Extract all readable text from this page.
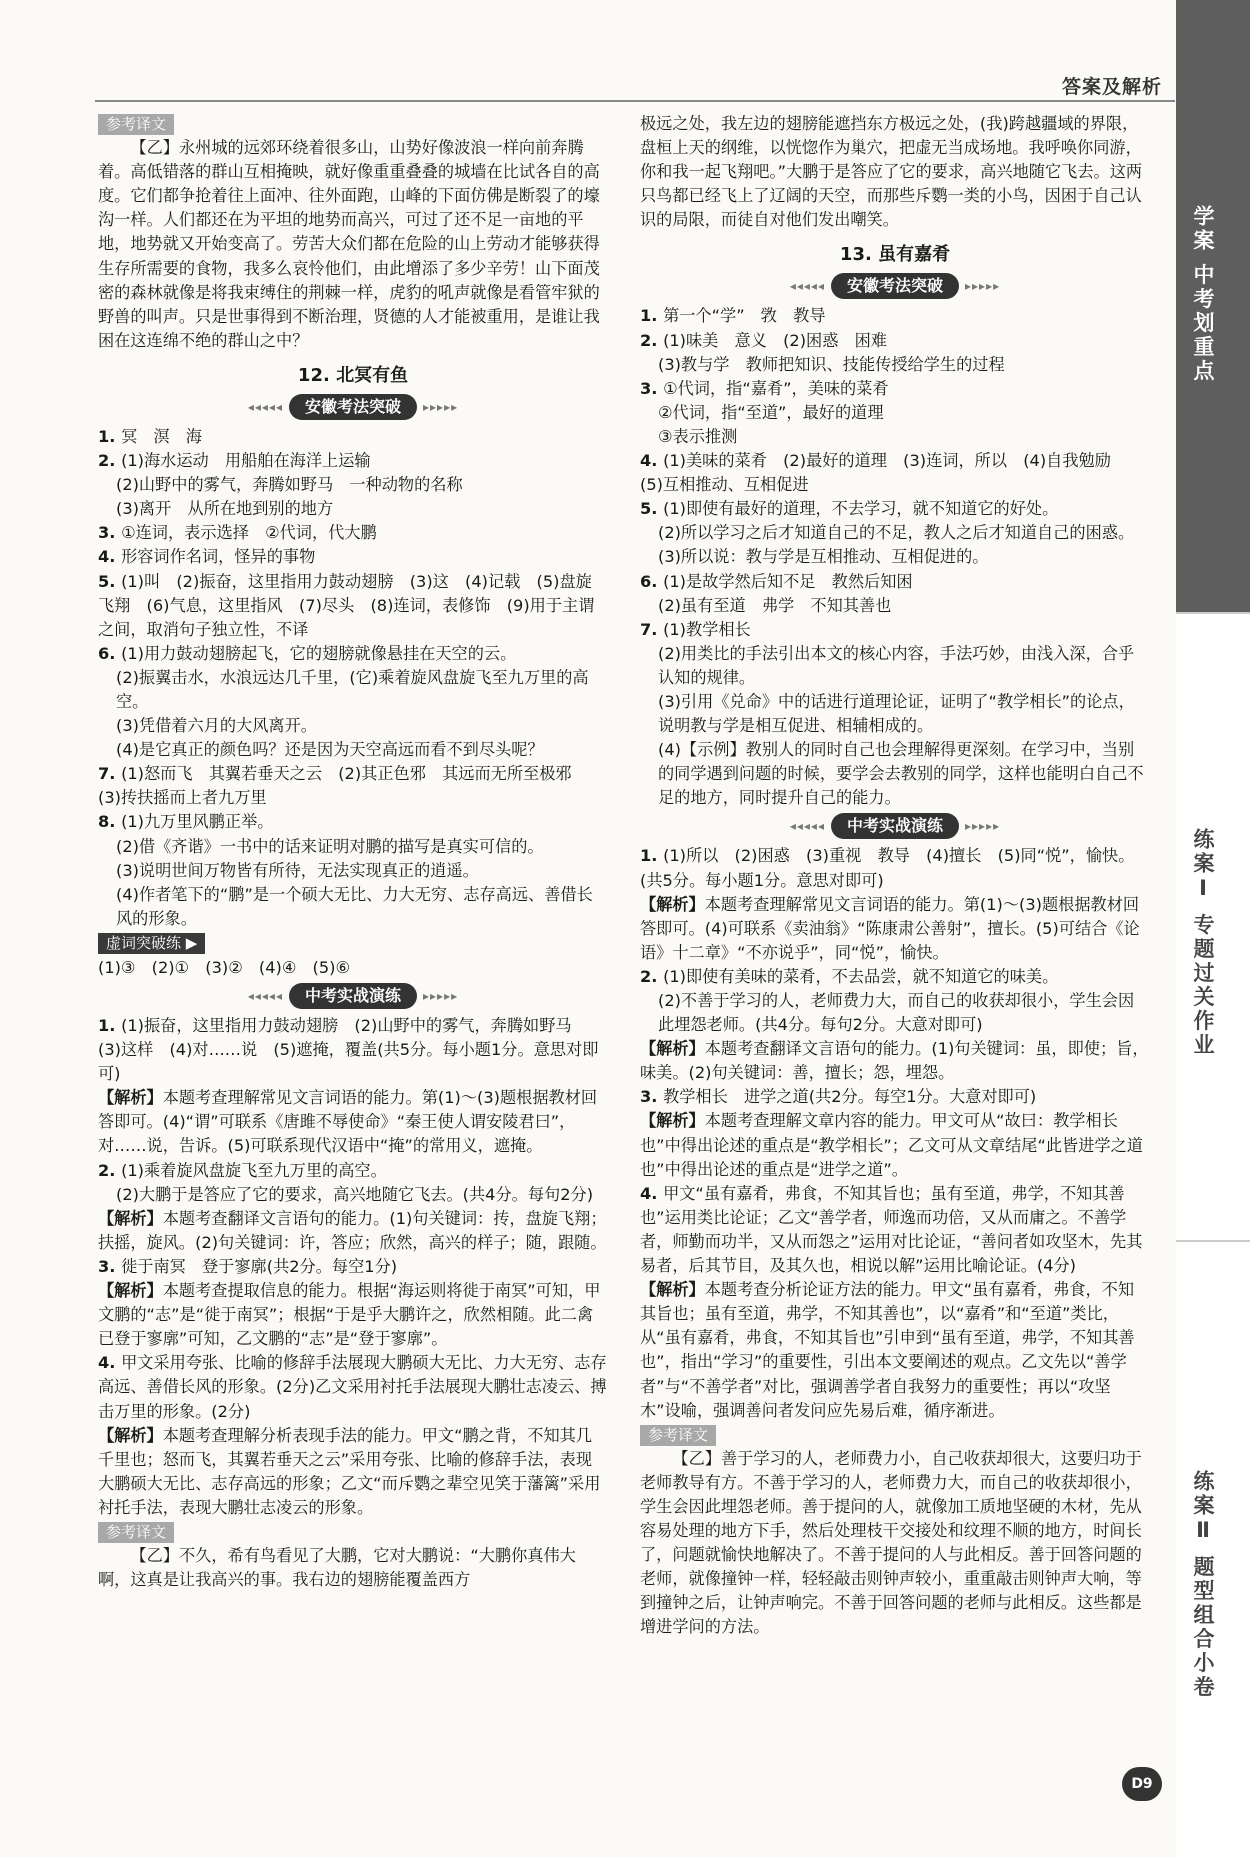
答案及解析
参考译文

【乙】永州城的远郊环绕着很多山，山势好像波浪一样向前奔腾着。高低错落的群山互相掩映，就好像重重叠叠的城墙在比试各自的高度。它们都争抢着往上面冲、往外面跑，山峰的下面仿佛是断裂了的壕沟一样。人们都还在为平坦的地势而高兴，可过了还不足一亩地的平地，地势就又开始变高了。劳苦大众们都在危险的山上劳动才能够获得生存所需要的食物，我多么哀怜他们，由此增添了多少辛劳！山下面茂密的森林就像是将我束缚住的荆棘一样，虎豹的吼声就像是看管牢狱的野兽的叫声。只是世事得到不断治理，贤德的人才能被重用，是谁让我困在这连绵不绝的群山之中？

12. 北冥有鱼
◂◂◂◂◂	安徽考法突破	▸▸▸▸▸

1. 冥　溟　海

2. (1)海水运动　用船舶在海洋上运输

(2)山野中的雾气，奔腾如野马　一种动物的名称

(3)离开　从所在地到别的地方

3. ①连词，表示选择　②代词，代大鹏

4. 形容词作名词，怪异的事物

5. (1)叫　(2)振奋，这里指用力鼓动翅膀　(3)这　(4)记载　(5)盘旋飞翔　(6)气息，这里指风　(7)尽头　(8)连词，表修饰　(9)用于主谓之间，取消句子独立性，不译

6. (1)用力鼓动翅膀起飞，它的翅膀就像悬挂在天空的云。

(2)振翼击水，水浪远达几千里，(它)乘着旋风盘旋飞至九万里的高空。

(3)凭借着六月的大风离开。

(4)是它真正的颜色吗？还是因为天空高远而看不到尽头呢？

7. (1)怒而飞　其翼若垂天之云　(2)其正色邪　其远而无所至极邪　(3)抟扶摇而上者九万里

8. (1)九万里风鹏正举。

(2)借《齐谐》一书中的话来证明对鹏的描写是真实可信的。

(3)说明世间万物皆有所待，无法实现真正的逍遥。

(4)作者笔下的“鹏”是一个硕大无比、力大无穷、志存高远、善借长风的形象。

虚词突破练 ▶

(1)③　(2)①　(3)②　(4)④　(5)⑥

◂◂◂◂◂	中考实战演练	▸▸▸▸▸

1. (1)振奋，这里指用力鼓动翅膀　(2)山野中的雾气，奔腾如野马　(3)这样　(4)对……说　(5)遮掩，覆盖(共5分。每小题1分。意思对即可)

【解析】本题考查理解常见文言词语的能力。第(1)～(3)题根据教材回答即可。(4)“谓”可联系《唐雎不辱使命》“秦王使人谓安陵君曰”，对……说，告诉。(5)可联系现代汉语中“掩”的常用义，遮掩。

2. (1)乘着旋风盘旋飞至九万里的高空。

(2)大鹏于是答应了它的要求，高兴地随它飞去。(共4分。每句2分)

【解析】本题考查翻译文言语句的能力。(1)句关键词：抟，盘旋飞翔；扶摇，旋风。(2)句关键词：许，答应；欣然，高兴的样子；随，跟随。

3. 徙于南冥　登于寥廓(共2分。每空1分)

【解析】本题考查提取信息的能力。根据“海运则将徙于南冥”可知，甲文鹏的“志”是“徙于南冥”；根据“于是乎大鹏许之，欣然相随。此二禽已登于寥廓”可知，乙文鹏的“志”是“登于寥廓”。

4. 甲文采用夸张、比喻的修辞手法展现大鹏硕大无比、力大无穷、志存高远、善借长风的形象。(2分)乙文采用衬托手法展现大鹏壮志凌云、搏击万里的形象。(2分)

【解析】本题考查理解分析表现手法的能力。甲文“鹏之背，不知其几千里也；怒而飞，其翼若垂天之云”采用夸张、比喻的修辞手法，表现大鹏硕大无比、志存高远的形象；乙文“而斥鹦之辈空见笑于藩篱”采用衬托手法，表现大鹏壮志凌云的形象。

参考译文

【乙】不久，希有鸟看见了大鹏，它对大鹏说：“大鹏你真伟大啊，这真是让我高兴的事。我右边的翅膀能覆盖西方

极远之处，我左边的翅膀能遮挡东方极远之处，(我)跨越疆域的界限，盘桓上天的纲维，以恍惚作为巢穴，把虚无当成场地。我呼唤你同游，你和我一起飞翔吧。”大鹏于是答应了它的要求，高兴地随它飞去。这两只鸟都已经飞上了辽阔的天空，而那些斥鹦一类的小鸟，因困于自己认识的局限，而徒自对他们发出嘲笑。

13. 虽有嘉肴
◂◂◂◂◂	安徽考法突破	▸▸▸▸▸

1. 第一个“学”　敩　教导

2. (1)味美　意义　(2)困惑　困难

(3)教与学　教师把知识、技能传授给学生的过程

3. ①代词，指“嘉肴”，美味的菜肴

②代词，指“至道”，最好的道理

③表示推测

4. (1)美味的菜肴　(2)最好的道理　(3)连词，所以　(4)自我勉励　(5)互相推动、互相促进

5. (1)即使有最好的道理，不去学习，就不知道它的好处。

(2)所以学习之后才知道自己的不足，教人之后才知道自己的困惑。

(3)所以说：教与学是互相推动、互相促进的。

6. (1)是故学然后知不足　教然后知困

(2)虽有至道　弗学　不知其善也

7. (1)教学相长

(2)用类比的手法引出本文的核心内容，手法巧妙，由浅入深，合乎认知的规律。

(3)引用《兑命》中的话进行道理论证，证明了“教学相长”的论点，说明教与学是相互促进、相辅相成的。

(4)【示例】教别人的同时自己也会理解得更深刻。在学习中，当别的同学遇到问题的时候，要学会去教别的同学，这样也能明白自己不足的地方，同时提升自己的能力。

◂◂◂◂◂	中考实战演练	▸▸▸▸▸

1. (1)所以　(2)困惑　(3)重视　教导　(4)擅长　(5)同“悦”，愉快。(共5分。每小题1分。意思对即可)

【解析】本题考查理解常见文言词语的能力。第(1)～(3)题根据教材回答即可。(4)可联系《卖油翁》“陈康肃公善射”，擅长。(5)可结合《论语》十二章》“不亦说乎”，同“悦”，愉快。

2. (1)即使有美味的菜肴，不去品尝，就不知道它的味美。

(2)不善于学习的人，老师费力大，而自己的收获却很小，学生会因此埋怨老师。(共4分。每句2分。大意对即可)

【解析】本题考查翻译文言语句的能力。(1)句关键词：虽，即使；旨，味美。(2)句关键词：善，擅长；怨，埋怨。

3. 教学相长　进学之道(共2分。每空1分。大意对即可)

【解析】本题考查理解文章内容的能力。甲文可从“故曰：教学相长也”中得出论述的重点是“教学相长”；乙文可从文章结尾“此皆进学之道也”中得出论述的重点是“进学之道”。

4. 甲文“虽有嘉肴，弗食，不知其旨也；虽有至道，弗学，不知其善也”运用类比论证；乙文“善学者，师逸而功倍，又从而庸之。不善学者，师勤而功半，又从而怨之”运用对比论证，“善问者如攻坚木，先其易者，后其节目，及其久也，相说以解”运用比喻论证。(4分)

【解析】本题考查分析论证方法的能力。甲文“虽有嘉肴，弗食，不知其旨也；虽有至道，弗学，不知其善也”，以“嘉肴”和“至道”类比，从“虽有嘉肴，弗食，不知其旨也”引申到“虽有至道，弗学，不知其善也”，指出“学习”的重要性，引出本文要阐述的观点。乙文先以“善学者”与“不善学者”对比，强调善学者自我努力的重要性；再以“攻坚木”设喻，强调善问者发问应先易后难，循序渐进。

参考译文

【乙】善于学习的人，老师费力小，自己收获却很大，这要归功于老师教导有方。不善于学习的人，老师费力大，而自己的收获却很小，学生会因此埋怨老师。善于提问的人，就像加工质地坚硬的木材，先从容易处理的地方下手，然后处理枝干交接处和纹理不顺的地方，时间长了，问题就愉快地解决了。不善于提问的人与此相反。善于回答问题的老师，就像撞钟一样，轻轻敲击则钟声较小，重重敲击则钟声大响，等到撞钟之后，让钟声响完。不善于回答问题的老师与此相反。这些都是增进学问的方法。

学案 中考划重点
练案Ⅰ 专题过关作业
练案Ⅱ 题型组合小卷
D9
